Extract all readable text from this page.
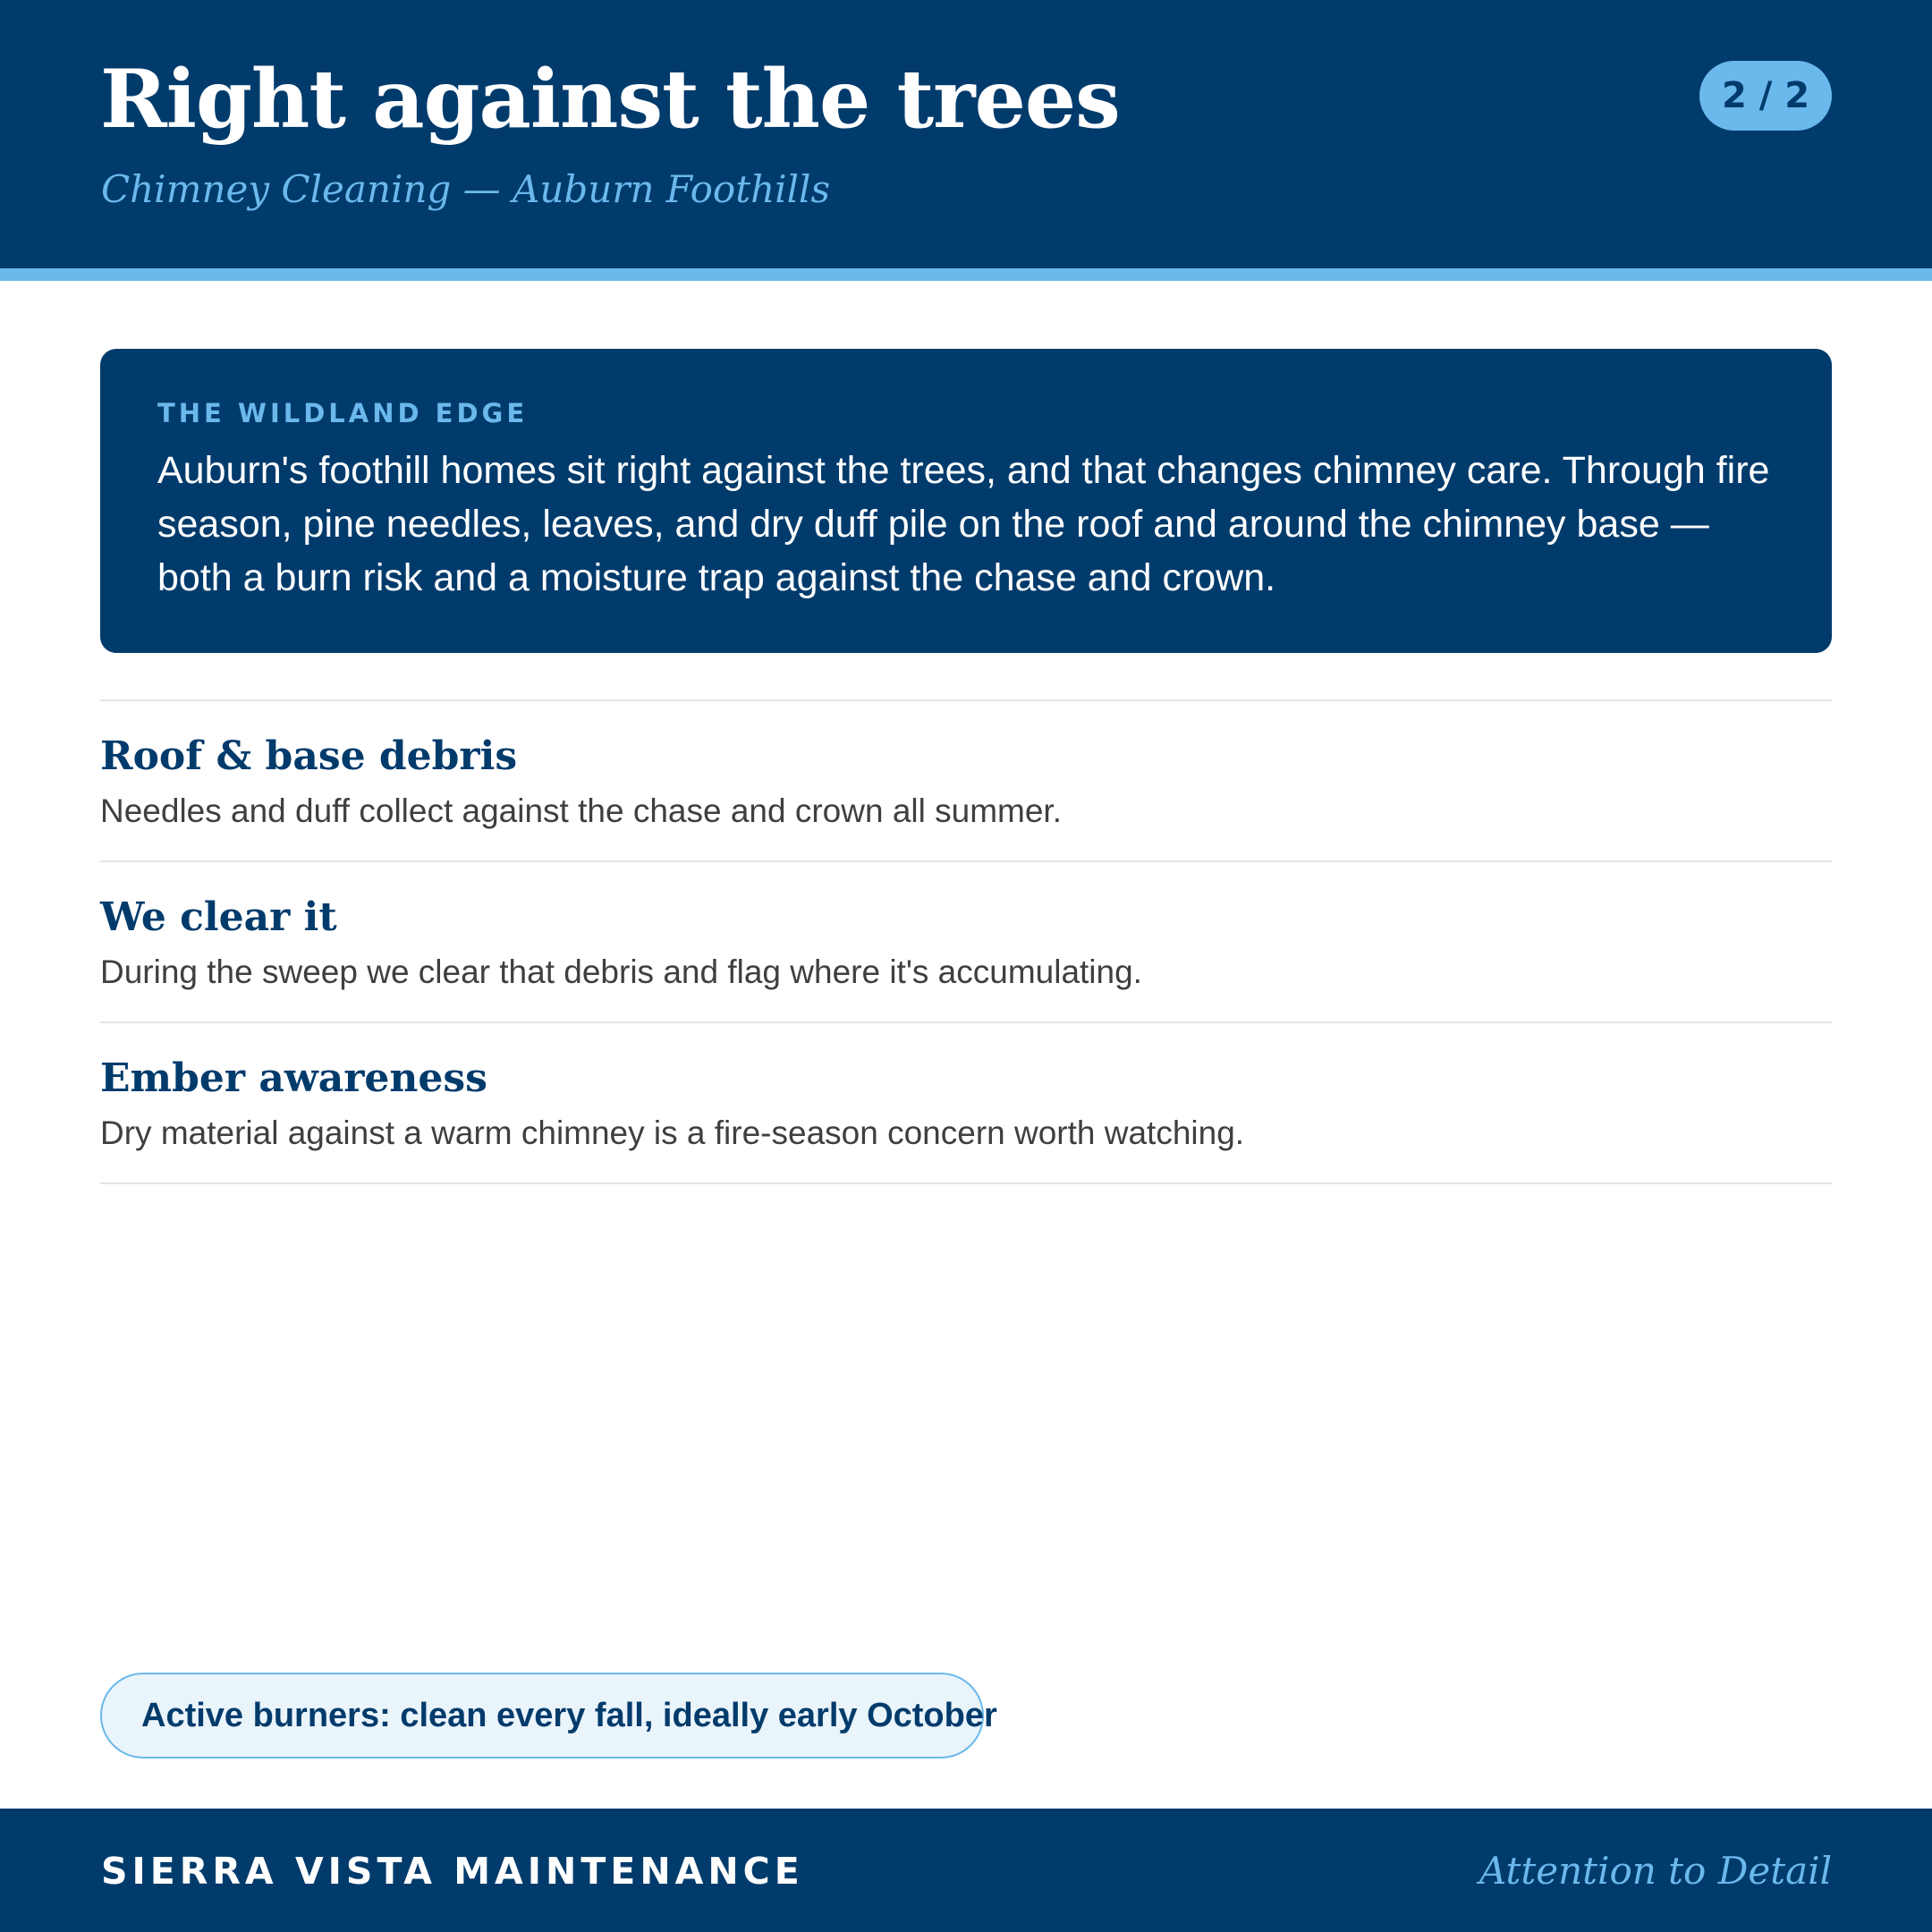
Right against the trees
Chimney Cleaning — Auburn Foothills
2 / 2
THE WILDLAND EDGE
Auburn's foothill homes sit right against the trees, and that changes chimney care. Through fire season, pine needles, leaves, and dry duff pile on the roof and around the chimney base — both a burn risk and a moisture trap against the chase and crown.
Roof & base debris
Needles and duff collect against the chase and crown all summer.
We clear it
During the sweep we clear that debris and flag where it's accumulating.
Ember awareness
Dry material against a warm chimney is a fire-season concern worth watching.
Active burners: clean every fall, ideally early October
SIERRA VISTA MAINTENANCE	Attention to Detail
